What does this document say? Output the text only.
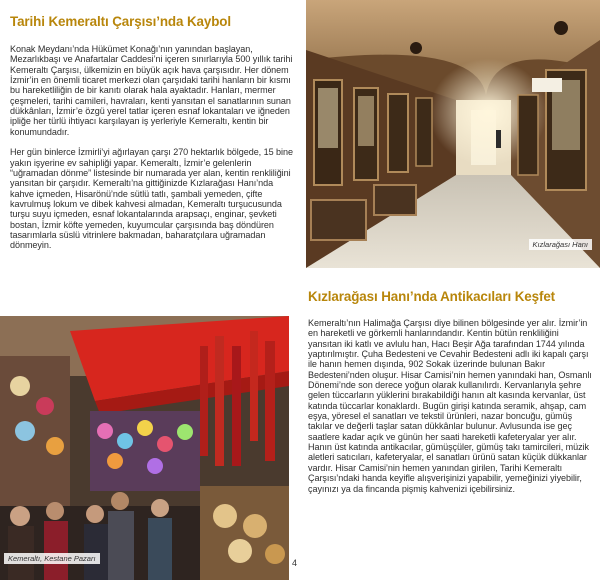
Tarihi Kemeraltı Çarşısı’nda Kaybol

Konak Meydanı’nda Hükümet Konağı’nın yanından başlayan, Mezarlıkbaşı ve Anafartalar Caddesi’ni içeren sınırlarıyla 500 yıllık tarihi Kemeraltı Çarşısı, ülkemizin en büyük açık hava çarşısıdır. Her dönem İzmir’in en önemli ticaret merkezi olan çarşıdaki tarihi hanların bir kısmı bu hareketliliğin de bir kanıtı olarak hala ayaktadır. Hanları, mermer çeşmeleri, tarihi camileri, havraları, kenti yansıtan el sanatlarının sunan dükkânları, İzmir’e özgü yerel tatlar içeren esnaf lokantaları ve iğneden ipliğe her türlü ihtiyacı karşılayan iş yerleriyle Kemeraltı, kentin bir konumundadır.

Her gün binlerce İzmirli’yi ağırlayan çarşı 270 hektarlık bölgede, 15 bine yakın işyerine ev sahipliği yapar. Kemeraltı, İzmir’e gelenlerin “uğramadan dönme” listesinde bir numarada yer alan, kentin renkliliğini yansıtan bir çarşıdır. Kemeraltı’na gittiğinizde Kızlarağası Hanı’nda kahve içmeden, Hisarönü’nde sütlü tatlı, şambali yemeden, çifte kavrulmuş lokum ve dibek kahvesi almadan, Kemeraltı turşucusunda turşu suyu içmeden, esnaf lokantalarında arapsaçı, enginar, şevketi bostan, İzmir köfte yemeden, kuyumcular çarşısında baş döndüren tasarımlarla süslü vitrinlere bakmadan, baharatçılara uğramadan dönmeyin.	Kızlarağası Hanı
Kızlarağası Hanı’nda Antikacıları Keşfet

Kemeraltı’nın Halimağa Çarşısı diye bilinen bölgesinde yer alır. İzmir’in en hareketli ve görkemli hanlarındandır. Kentin bütün renkliliğini yansıtan iki katlı ve avlulu han, Hacı Beşir Ağa tarafından 1744 yılında yaptırılmıştır. Çuha Bedesteni ve Cevahir Bedesteni adlı iki kapalı çarşı ile hanın hemen dışında, 902 Sokak üzerinde bulunan Bakır Bedesteni’nden oluşur. Hisar Camisi’nin hemen yanındaki han, Osmanlı Dönemi’nde son derece yoğun olarak kullanılırdı. Kervanlarıyla şehre gelen tüccarların yüklerini bırakabildiği hanın alt kasında kervanlar, üst katında tüccarlar konaklardı. Bugün girişi katında seramik, ahşap, cam eşya, yöresel el sanatları ve tekstil ürünleri, nazar boncuğu, gümüş takılar ve değerli taşlar satan dükkânlar bulunur. Avlusunda ise geç saatlere kadar açık ve günün her saati hareketli kafeteryalar yer alır. Hanın üst katında antikacılar, gümüşçüler, gümüş takı tamircileri, müzik aletleri satıcıları, kafeteryalar, el sanatları ürünü satan küçük dükkanlar vardır. Hisar Camisi’nin hemen yanından girilen, Tarihi Kemeraltı Çarşısı’ndaki handa keyifle alışverişinizi yapabilir, yemeğinizi yiyebilir, çayınızı ya da fincanda pişmiş kahvenizi içebilirsiniz.

Kemeraltı, Kestane Pazarı	4
